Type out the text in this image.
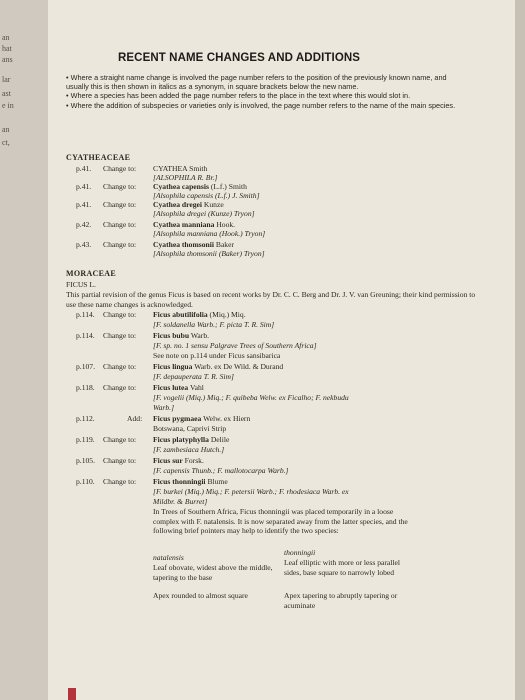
an
hat
ans
lar
ast
e in
an
ct,
RECENT NAME CHANGES AND ADDITIONS

• Where a straight name change is involved the page number refers to the position of the previously known name, and usually this is then shown in italics as a synonym, in square brackets below the new name.

• Where a species has been added the page number refers to the place in the text where this would slot in.

• Where the addition of subspecies or varieties only is involved, the page number refers to the name of the main species.

CYATHEACEAE
p.41. Change to: CYATHEA Smith
[ALSOPHILA R. Br.]
p.41. Change to: Cyathea capensis (L.f.) Smith
[Alsophila capensis (L.f.) J. Smith]
p.41. Change to: Cyathea dregei Kunze
[Alsophila dregei (Kunze) Tryon]
p.42. Change to: Cyathea manniana Hook.
[Alsophila manniana (Hook.) Tryon]
p.43. Change to: Cyathea thomsonii Baker
[Alsophila thomsonii (Baker) Tryon]
MORACEAE
FICUS L.
This partial revision of the genus Ficus is based on recent works by Dr. C. C. Berg and Dr. J. V. van Greuning; their kind permission to use these name changes is acknowledged.
p.114. Change to: Ficus abutilifolia (Miq.) Miq.
[F. soldanella Warb.; F. picta T. R. Sim]
p.114. Change to: Ficus bubu Warb.
[F. sp. no. 1 sensu Palgrave Trees of Southern Africa]
See note on p.114 under Ficus sansibarica
p.107. Change to: Ficus lingua Warb. ex De Wild. & Durand
[F. depauperata T. R. Sim]
p.118. Change to: Ficus lutea Vahl
[F. vogelii (Miq.) Miq.; F. quibeba Welw. ex Ficalho; F. nekbudu
Warb.]
p.112.	Add: Ficus pygmaea Welw. ex Hiern
Botswana, Caprivi Strip
p.119. Change to: Ficus platyphylla Delile
[F. zambesiaca Hutch.]
p.105. Change to: Ficus sur Forsk.
[F. capensis Thunb.; F. mallotocarpa Warb.]
p.110. Change to: Ficus thonningii Blume
[F. burkei (Miq.) Miq.; F. petersii Warb.; F. rhodesiaca Warb. ex
Mildbr. & Burret]
In Trees of Southern Africa, Ficus thonningii was placed temporarily in a loose complex with F. natalensis. It is now separated away from the latter species, and the following brief pointers may help to identify the two species:
natalensis
thonningii
Leaf obovate, widest above the middle, tapering to the base
Leaf elliptic with more or less parallel sides, base square to narrowly lobed
Apex rounded to almost square	Apex tapering to abruptly tapering or acuminate
